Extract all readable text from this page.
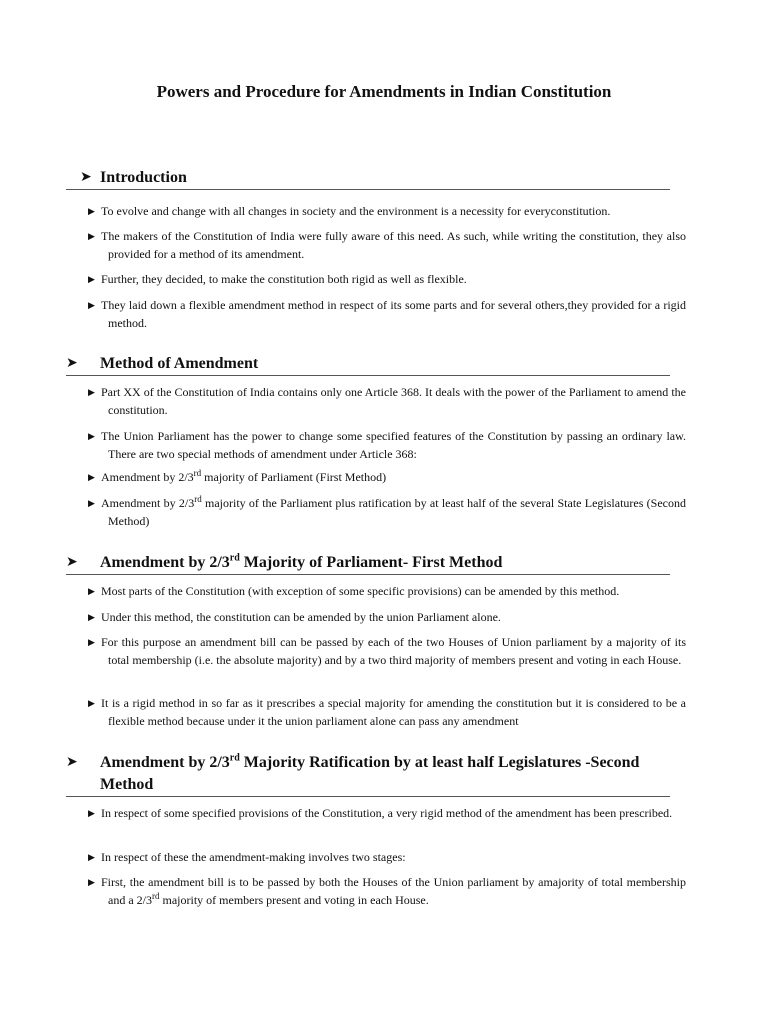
Powers and Procedure for Amendments in Indian Constitution
➤ Introduction
▶ To evolve and change with all changes in society and the environment is a necessity for everyconstitution.
▶ The makers of the Constitution of India were fully aware of this need. As such, while writing the constitution, they also provided for a method of its amendment.
▶ Further, they decided, to make the constitution both rigid as well as flexible.
▶ They laid down a flexible amendment method in respect of its some parts and for several others,they provided for a rigid method.
➤	Method of Amendment
▶ Part XX of the Constitution of India contains only one Article 368. It deals with the power of the Parliament to amend the constitution.
▶ The Union Parliament has the power to change some specified features of the Constitution by passing an ordinary law. There are two special methods of amendment under Article 368:
▶ Amendment by 2/3rd majority of Parliament (First Method)
▶ Amendment by 2/3rd majority of the Parliament plus ratification by at least half of the several State Legislatures (Second Method)
➤	Amendment by 2/3rd Majority of Parliament- First Method
▶ Most parts of the Constitution (with exception of some specific provisions) can be amended by this method.
▶ Under this method, the constitution can be amended by the union Parliament alone.
▶ For this purpose an amendment bill can be passed by each of the two Houses of Union parliament by a majority of its total membership (i.e. the absolute majority) and by a two third majority of members present and voting in each House.
▶ It is a rigid method in so far as it prescribes a special majority for amending the constitution but it is considered to be a flexible method because under it the union parliament alone can pass any amendment
➤	Amendment by 2/3rd Majority Ratification by at least half Legislatures -Second Method
▶ In respect of some specified provisions of the Constitution, a very rigid method of the amendment has been prescribed.
▶ In respect of these the amendment-making involves two stages:
▶ First, the amendment bill is to be passed by both the Houses of the Union parliament by amajority of total membership and a 2/3rd majority of members present and voting in each House.
